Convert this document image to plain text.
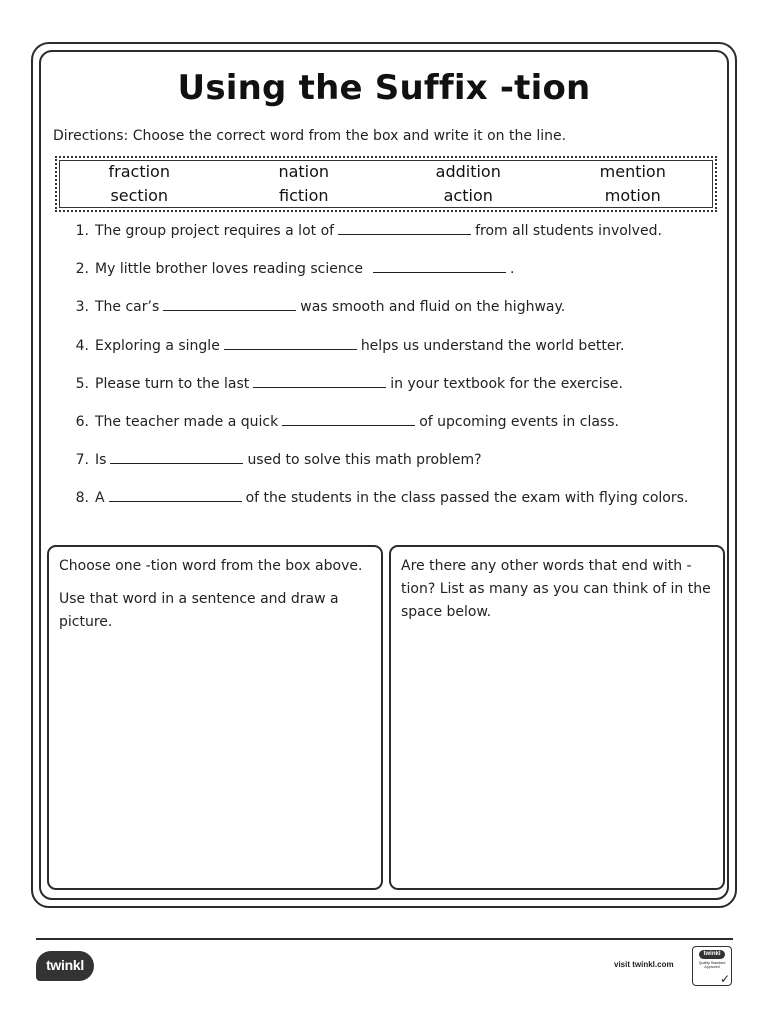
Using the Suffix -tion
Directions: Choose the correct word from the box and write it on the line.
fraction	nation	addition	mention
section	fiction	action	motion
1. The group project requires a lot of	from all students involved.
2. My little brother loves reading science	.
3. The car’s	was smooth and fluid on the highway.
4. Exploring a single	helps us understand the world better.
5. Please turn to the last	in your textbook for the exercise.
6. The teacher made a quick	of upcoming events in class.
7. Is	used to solve this math problem?
8. A	of the students in the class passed the exam with flying colors.

Choose one -tion word from the box above.

Use that word in a sentence and draw a picture.

Are there any other words that end with -tion? List as many as you can think of in the space below.

twinkl	visit twinkl.com
twinkl
Quality Standard Approved
✓
